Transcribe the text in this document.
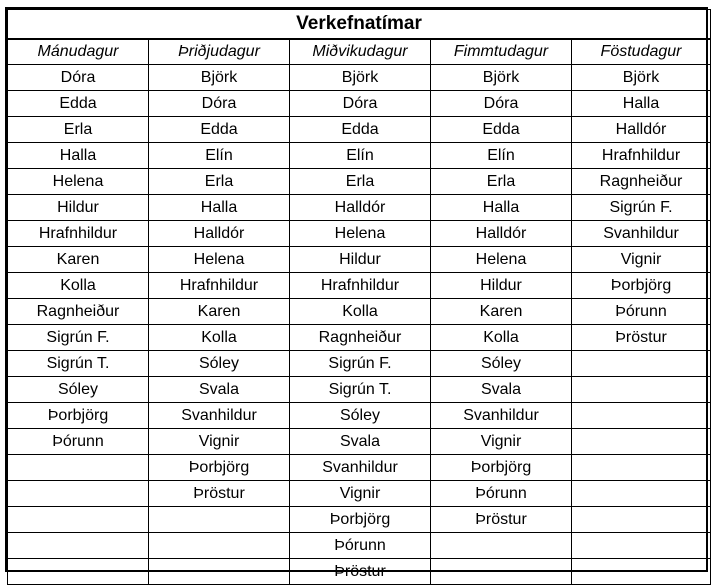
Verkefnatímar				
Mánudagur	Þriðjudagur	Miðvikudagur	Fimmtudagur	Föstudagur
Dóra	Björk	Björk	Björk	Björk
Edda	Dóra	Dóra	Dóra	Halla
Erla	Edda	Edda	Edda	Halldór
Halla	Elín	Elín	Elín	Hrafnhildur
Helena	Erla	Erla	Erla	Ragnheiður
Hildur	Halla	Halldór	Halla	Sigrún F.
Hrafnhildur	Halldór	Helena	Halldór	Svanhildur
Karen	Helena	Hildur	Helena	Vignir
Kolla	Hrafnhildur	Hrafnhildur	Hildur	Þorbjörg
Ragnheiður	Karen	Kolla	Karen	Þórunn
Sigrún F.	Kolla	Ragnheiður	Kolla	Þröstur
Sigrún T.	Sóley	Sigrún F.	Sóley	
Sóley	Svala	Sigrún T.	Svala	
Þorbjörg	Svanhildur	Sóley	Svanhildur	
Þórunn	Vignir	Svala	Vignir	
	Þorbjörg	Svanhildur	Þorbjörg	
	Þröstur	Vignir	Þórunn	
		Þorbjörg	Þröstur	
		Þórunn		
		Þröstur		
